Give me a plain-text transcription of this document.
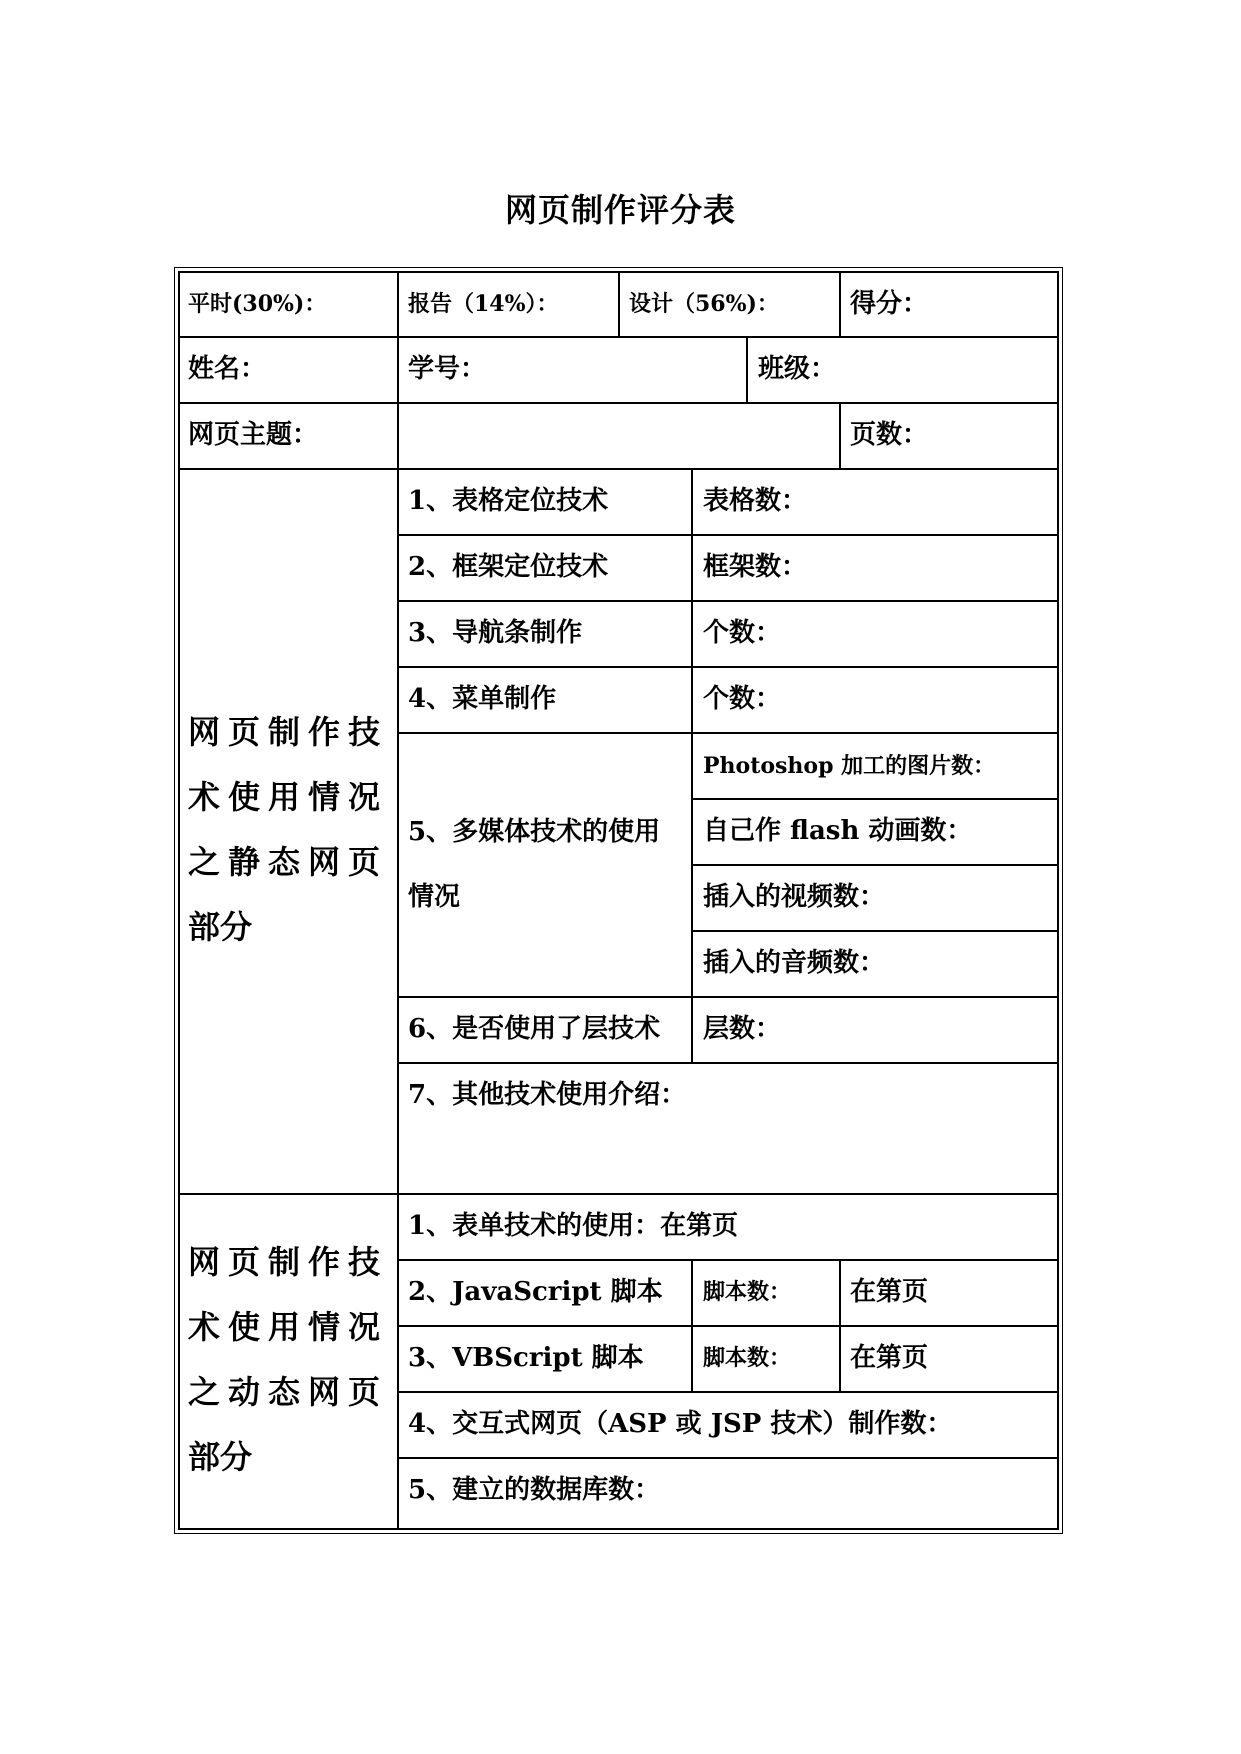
网页制作评分表
平时(30%)：	报告（14%）：	设计（56%)：	得分：
姓名：	学号：	班级：
网页主题：	页数：
网页制作技
术使用情况
之静态网页
部分
1、表格定位技术	表格数：
2、框架定位技术	框架数：
3、导航条制作	个数：
4、菜单制作	个数：
5、多媒体技术的使用
情况
Photoshop 加工的图片数：
自己作 flash 动画数：
插入的视频数：
插入的音频数：
6、是否使用了层技术 层数：
7、其他技术使用介绍：
网页制作技
术使用情况
之动态网页
部分
1、表单技术的使用：在第页
2、JavaScript 脚本 脚本数： 在第页
3、VBScript 脚本	脚本数： 在第页
4、交互式网页（ASP 或 JSP 技术）制作数：
5、建立的数据库数：
